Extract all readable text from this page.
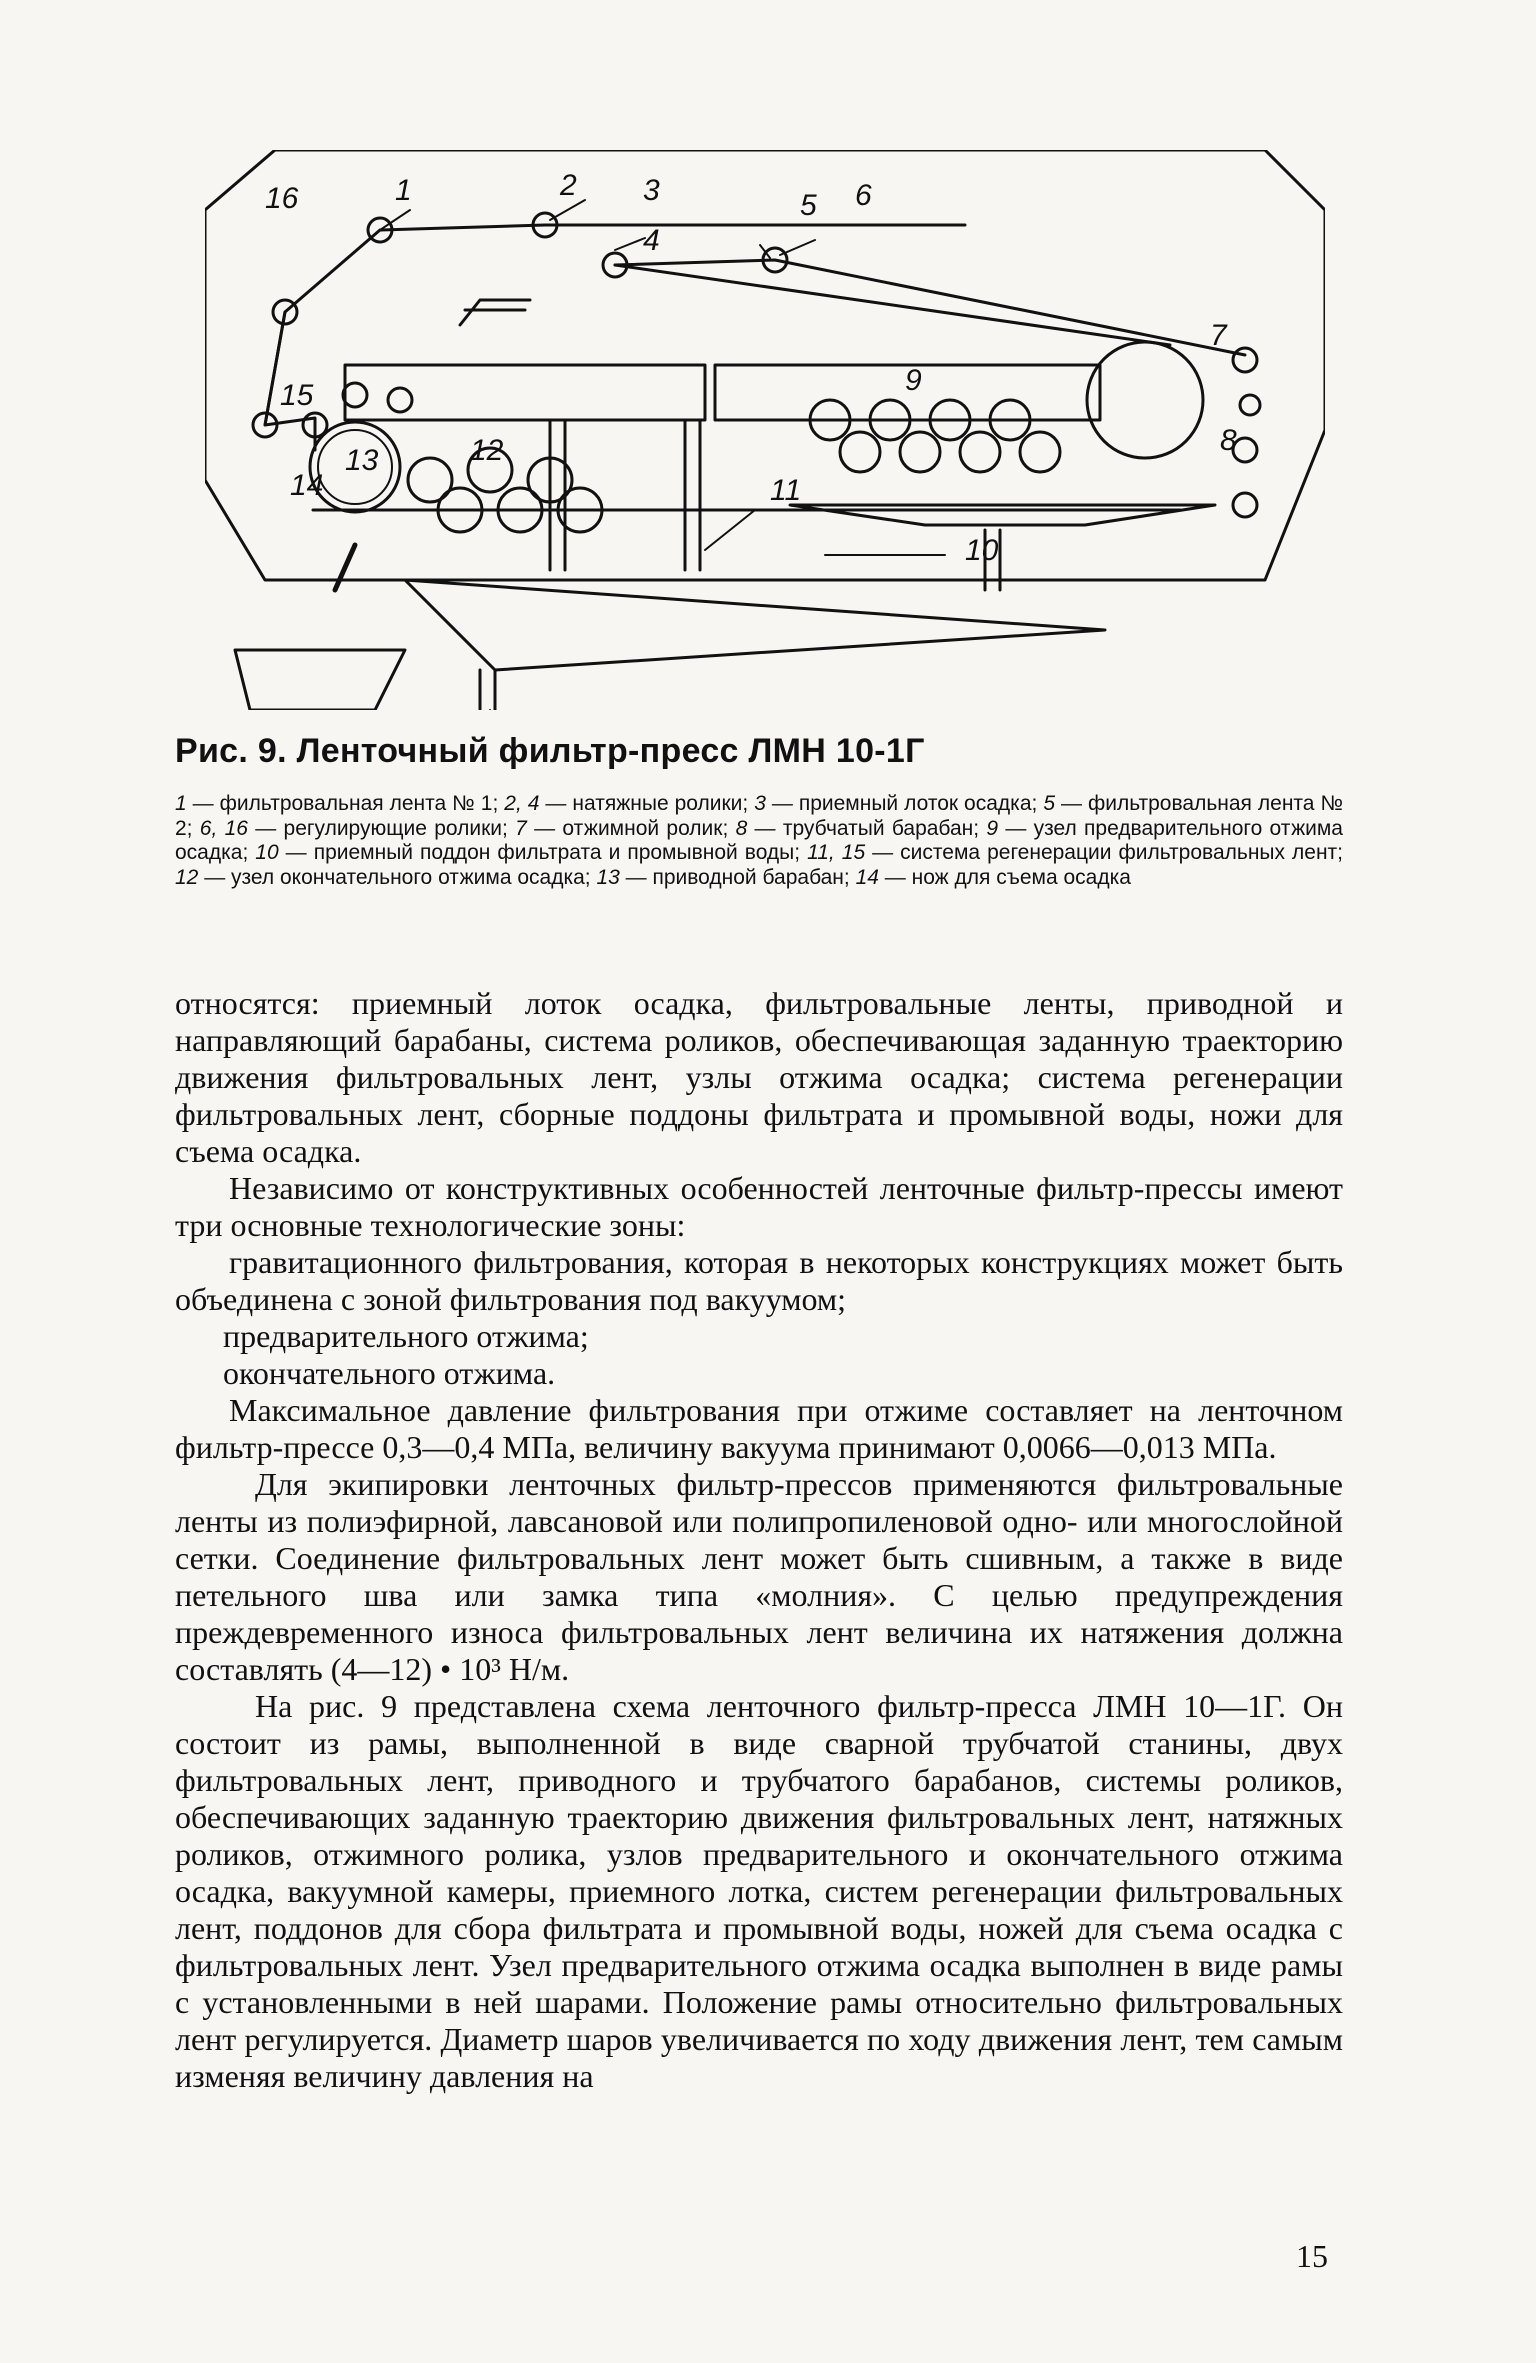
16	1	2 3
4
5 6
7
8
9
10
11
12
13
14
15
Рис. 9. Ленточный фильтр-пресс ЛМН 10-1Г
1 — фильтровальная лента № 1; 2, 4 — натяжные ролики; 3 — приемный лоток осадка; 5 — фильтровальная лента № 2; 6, 16 — регулирующие ролики; 7 — отжимной ролик; 8 — трубчатый барабан; 9 — узел предварительного отжима осадка; 10 — приемный поддон фильтрата и промывной воды; 11, 15 — система регенерации фильтровальных лент; 12 — узел окончательного отжима осадка; 13 — приводной барабан; 14 — нож для съема осадка

относятся: приемный лоток осадка, фильтровальные ленты, приводной и направляющий барабаны, система роликов, обеспечивающая заданную траекторию движения фильтровальных лент, узлы отжима осадка; система регенерации фильтровальных лент, сборные поддоны фильтрата и промывной воды, ножи для съема осадка.

Независимо от конструктивных особенностей ленточные фильтр-прессы имеют три основные технологические зоны:

гравитационного фильтрования, которая в некоторых конструкциях может быть объединена с зоной фильтрования под вакуумом;

предварительного отжима;

окончательного отжима.

Максимальное давление фильтрования при отжиме составляет на ленточном фильтр-прессе 0,3—0,4 МПа, величину вакуума принимают 0,0066—0,013 МПа.

Для экипировки ленточных фильтр-прессов применяются фильтровальные ленты из полиэфирной, лавсановой или полипропиленовой одно- или многослойной сетки. Соединение фильтровальных лент может быть сшивным, а также в виде петельного шва или замка типа «молния». С целью предупреждения преждевременного износа фильтровальных лент величина их натяжения должна составлять (4—12) • 10³ Н/м.

На рис. 9 представлена схема ленточного фильтр-пресса ЛМН 10—1Г. Он состоит из рамы, выполненной в виде сварной трубчатой станины, двух фильтровальных лент, приводного и трубчатого барабанов, системы роликов, обеспечивающих заданную траекторию движения фильтровальных лент, натяжных роликов, отжимного ролика, узлов предварительного и окончательного отжима осадка, вакуумной камеры, приемного лотка, систем регенерации фильтровальных лент, поддонов для сбора фильтрата и промывной воды, ножей для съема осадка с фильтровальных лент. Узел предварительного отжима осадка выполнен в виде рамы с установленными в ней шарами. Положение рамы относительно фильтровальных лент регулируется. Диаметр шаров увеличивается по ходу движения лент, тем самым изменяя величину давления на

15
